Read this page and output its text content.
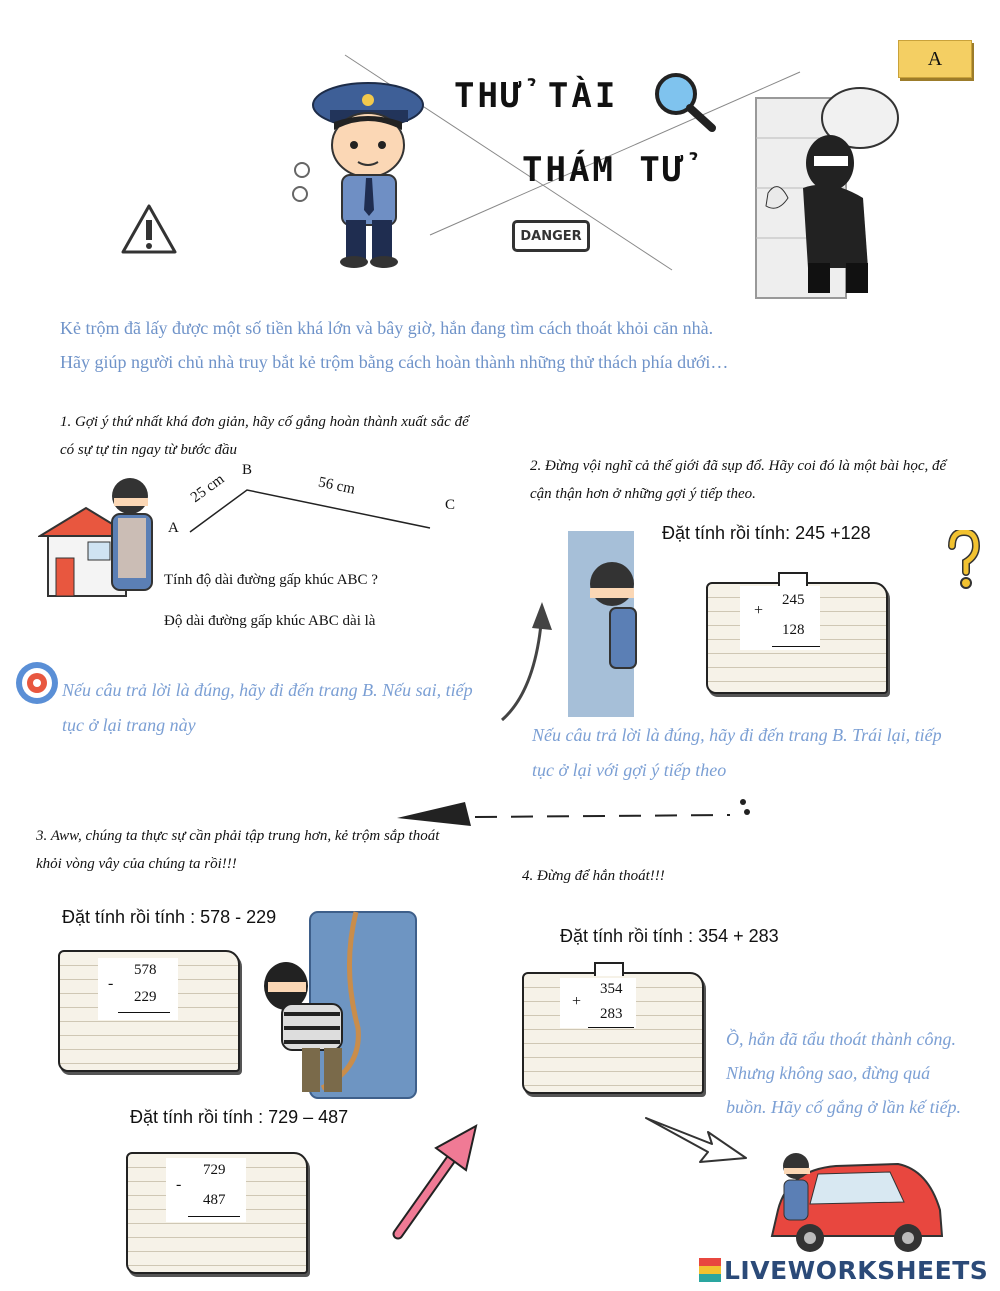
THỬ TÀI
THÁM TỬ
A
DANGER
Kẻ trộm đã lấy được một số tiền khá lớn và bây giờ, hắn đang tìm cách thoát khỏi căn nhà.
Hãy giúp người chủ nhà truy bắt kẻ trộm bằng cách hoàn thành những thử thách phía dưới…
1. Gợi ý thứ nhất khá đơn giản, hãy cố gắng hoàn thành xuất sắc để
có sự tự tin ngay từ bước đầu
A
B
C
25 cm	56 cm
Tính độ dài đường gấp khúc ABC ?
Độ dài đường gấp khúc ABC dài là
Nếu câu trả lời là đúng, hãy đi đến trang B. Nếu sai, tiếp
tục ở lại trang này
2. Đừng vội nghĩ cả thế giới đã sụp đổ. Hãy coi đó là một bài học, để
cận thận hơn ở những gợi ý tiếp theo.
Đặt tính rồi tính: 245 +128
+
245
128
Nếu câu trả lời là đúng, hãy đi đến trang B. Trái lại, tiếp
tục ở lại với gợi ý tiếp theo
3. Aww, chúng ta thực sự cần phải tập trung hơn, kẻ trộm sắp thoát
khỏi vòng vây của chúng ta rồi!!!
Đặt tính rồi tính : 578 - 229
-
578
229
Đặt tính rồi tính : 729 – 487
-
729
487
4. Đừng để hắn thoát!!!
Đặt tính rồi tính : 354 + 283
+
354
283
Ồ, hắn đã tẩu thoát thành công.
Nhưng không sao, đừng quá
buồn. Hãy cố gắng ở lần kế tiếp.
LIVEWORKSHEETS
